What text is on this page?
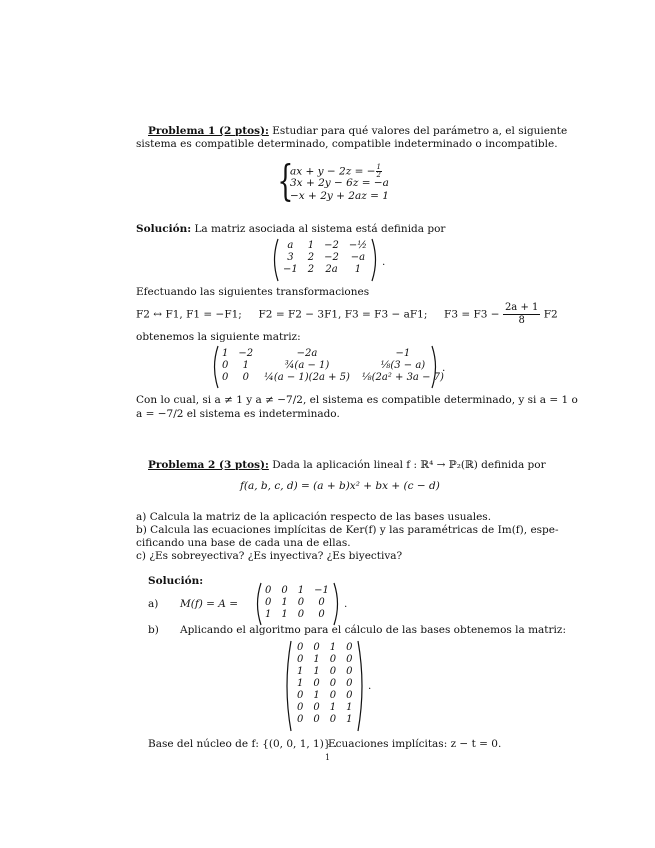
Problema 1 (2 ptos): Estudiar para qué valores del parámetro a, el siguiente
sistema es compatible determinado, compatible indeterminado o incompatible.
{
ax + y − 2z = − $\frac{1}{2}$
3x + 2y − 6z = −a
−x + 2y + 2az = 1
Solución: La matriz asociada al sistema está definida por
a	1	−2	−½
3	2	−2	−a
−1	2	2a	1
.
Efectuando las siguientes transformaciones
F2 ↔ F1, F1 = −F1; F2 = F2 − 3F1, F3 = F3 − aF1; $F3 = F3 - \frac{2a + 1}{8} F2$
obtenemos la siguiente matriz:
1	−2	−2a	−1
0	1	¾(a − 1)	⅛(3 − a)
0	0	¼(a − 1)(2a + 5)	⅛(2a² + 3a − 7)
.
Con lo cual, si a ≠ 1 y a ≠ −7/2, el sistema es compatible determinado, y si a = 1 o
a = −7/2 el sistema es indeterminado.
Problema 2 (3 ptos): Dada la aplicación lineal f : ℝ⁴ → ℙ₂(ℝ) definida por
f(a, b, c, d) = (a + b)x² + bx + (c − d)
a) Calcula la matriz de la aplicación respecto de las bases usuales.
b) Calcula las ecuaciones implícitas de Ker(f) y las paramétricas de Im(f), espe-
cificando una base de cada una de ellas.
c) ¿Es sobreyectiva? ¿Es inyectiva? ¿Es biyectiva?
Solución:
a) M(f) = A =
0	0	1	−1
0	1	0	0
1	1	0	0
.
b) Aplicando el algoritmo para el cálculo de las bases obtenemos la matriz:
0	0	1	0
0	1	0	0
1	1	0	0
1	0	0	0
0	1	0	0
0	0	1	1
0	0	0	1
.
Base del núcleo de f: {(0, 0, 1, 1)} .
Ecuaciones implícitas: z − t = 0.
1
